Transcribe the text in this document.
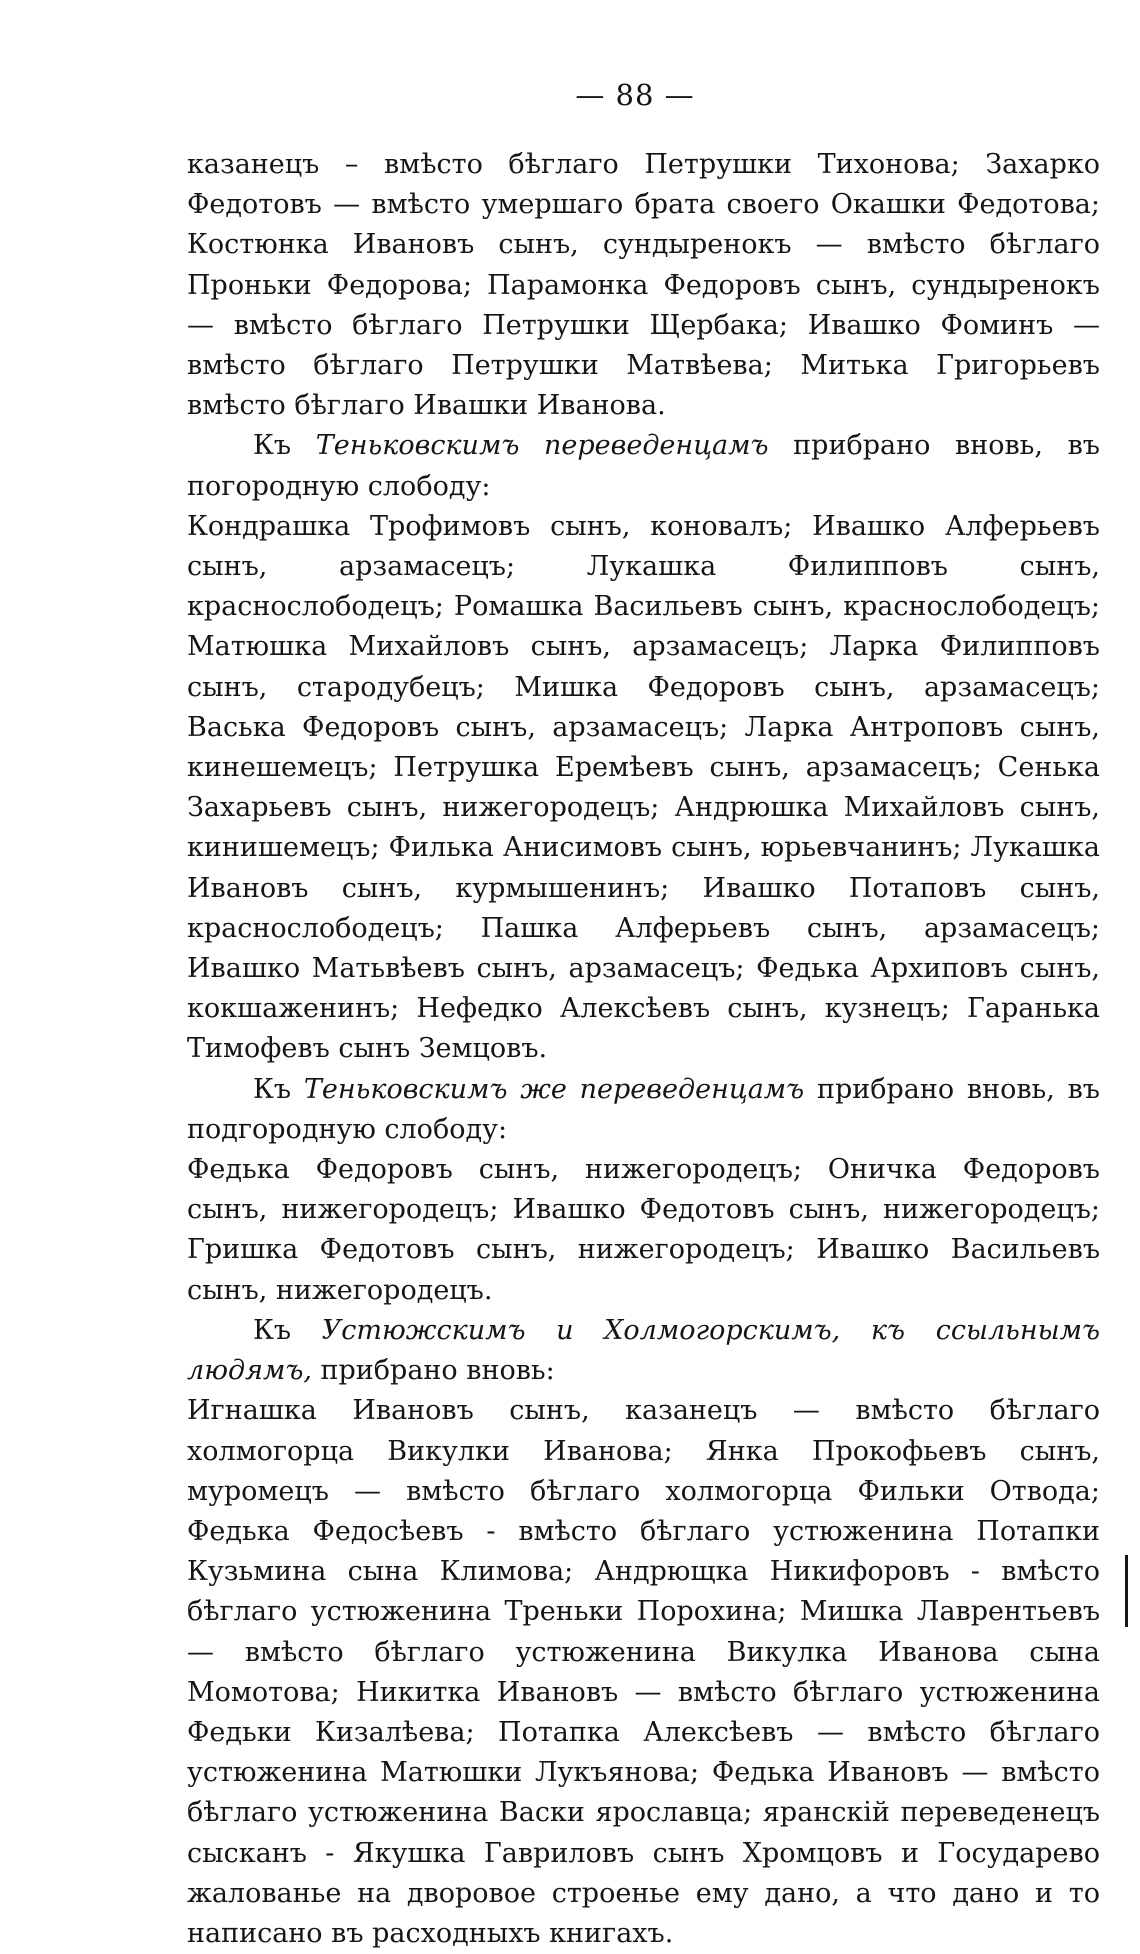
— 88 —

казанецъ – вмѣсто бѣглаго Петрушки Тихонова; Захарко Федотовъ — вмѣсто умершаго брата своего Окашки Федотова; Костюнка Ивановъ сынъ, сундыренокъ — вмѣсто бѣглаго Проньки Федорова; Парамонка Федоровъ сынъ, сундыренокъ — вмѣсто бѣглаго Петрушки Щербака; Ивашко Фоминъ — вмѣсто бѣглаго Петрушки Матвѣева; Митька Григорьевъ вмѣсто бѣглаго Ивашки Иванова.

Къ Теньковскимъ переведенцамъ прибрано вновь, въ погородную слободу:

Кондрашка Трофимовъ сынъ, коновалъ; Ивашко Алферьевъ сынъ, арзамасецъ; Лукашка Филипповъ сынъ, краснослободецъ; Ромашка Васильевъ сынъ, краснослободецъ; Матюшка Михайловъ сынъ, арзамасецъ; Ларка Филипповъ сынъ, стародубецъ; Мишка Федоровъ сынъ, арзамасецъ; Васька Федоровъ сынъ, арзамасецъ; Ларка Антроповъ сынъ, кинешемецъ; Петрушка Еремѣевъ сынъ, арзамасецъ; Сенька Захарьевъ сынъ, нижегородецъ; Андрюшка Михайловъ сынъ, кинишемецъ; Филька Анисимовъ сынъ, юрьевчанинъ; Лукашка Ивановъ сынъ, курмышенинъ; Ивашко Потаповъ сынъ, краснослободецъ; Пашка Алферьевъ сынъ, арзамасецъ; Ивашко Матьвѣевъ сынъ, арзамасецъ; Федька Архиповъ сынъ, кокшаженинъ; Нефедко Алексѣевъ сынъ, кузнецъ; Гаранька Тимофевъ сынъ Земцовъ.

Къ Теньковскимъ же переведенцамъ прибрано вновь, въ подгородную слободу:

Федька Федоровъ сынъ, нижегородецъ; Оничка Федоровъ сынъ, нижегородецъ; Ивашко Федотовъ сынъ, нижегородецъ; Гришка Федотовъ сынъ, нижегородецъ; Ивашко Васильевъ сынъ, нижегородецъ.

Къ Устюжскимъ и Холмогорскимъ, къ ссыльнымъ людямъ, прибрано вновь:

Игнашка Ивановъ сынъ, казанецъ — вмѣсто бѣглаго холмогорца Викулки Иванова; Янка Прокофьевъ сынъ, муромецъ — вмѣсто бѣглаго холмогорца Фильки Отвода; Федька Федосѣевъ - вмѣсто бѣглаго устюженина Потапки Кузьмина сына Климова; Андрющка Никифоровъ - вмѣсто бѣглаго устюженина Треньки Порохина; Мишка Лаврентьевъ — вмѣсто бѣглаго устюженина Викулка Иванова сына Момотова; Никитка Ивановъ — вмѣсто бѣглаго устюженина Федьки Кизалѣева; Потапка Алексѣевъ — вмѣсто бѣглаго устюженина Матюшки Лукъянова; Федька Ивановъ — вмѣсто бѣглаго устюженина Васки ярославца; яранскій переведенецъ сысканъ - Якушка Гавриловъ сынъ Хромцовъ и Государево жалованье на дворовое строенье ему дано, а что дано и то написано въ расходныхъ книгахъ.
